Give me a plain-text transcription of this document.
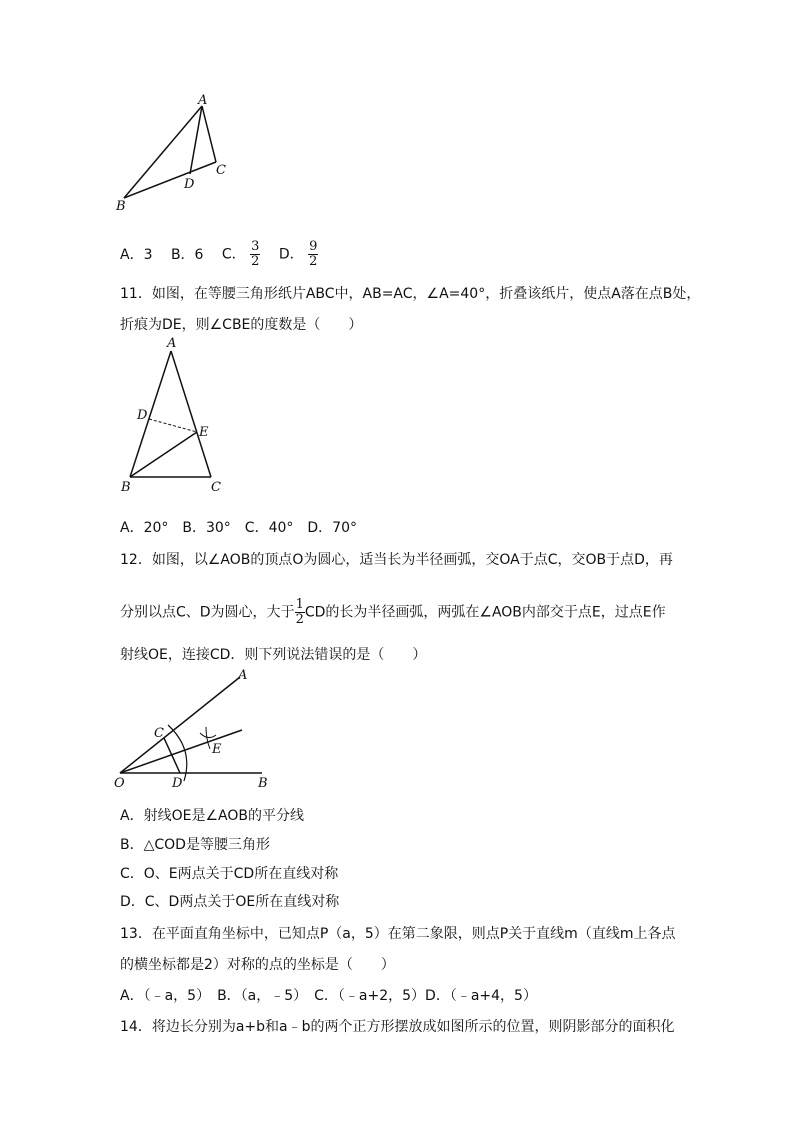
A
B
C
D
A．3 B．6 C． $\frac{3}{2}$ D． $\frac{9}{2}$
11．如图，在等腰三角形纸片ABC中，AB=AC，∠A=40°，折叠该纸片，使点A落在点B处，
折痕为DE，则∠CBE的度数是（　　）
A
B	C
D
E
A．20°　B．30°　C．40°　D．70°
12．如图，以∠AOB的顶点O为圆心，适当长为半径画弧，交OA于点C，交OB于点D，再
分别以点C、D为圆心，大于 $\frac{1}{2}$ CD的长为半径画弧，两弧在∠AOB内部交于点E，过点E作
射线OE，连接CD．则下列说法错误的是（　　）
A
B
C
D
E
O
A．射线OE是∠AOB的平分线
B．△COD是等腰三角形
C．O、E两点关于CD所在直线对称
D．C、D两点关于OE所在直线对称
13．在平面直角坐标中，已知点P（a，5）在第二象限，则点P关于直线m（直线m上各点
的横坐标都是2）对称的点的坐标是（　　）
A．（﹣a，5）　B．（a，﹣5）　C．（﹣a+2，5）D．（﹣a+4，5）
14．将边长分别为a+b和a﹣b的两个正方形摆放成如图所示的位置，则阴影部分的面积化
